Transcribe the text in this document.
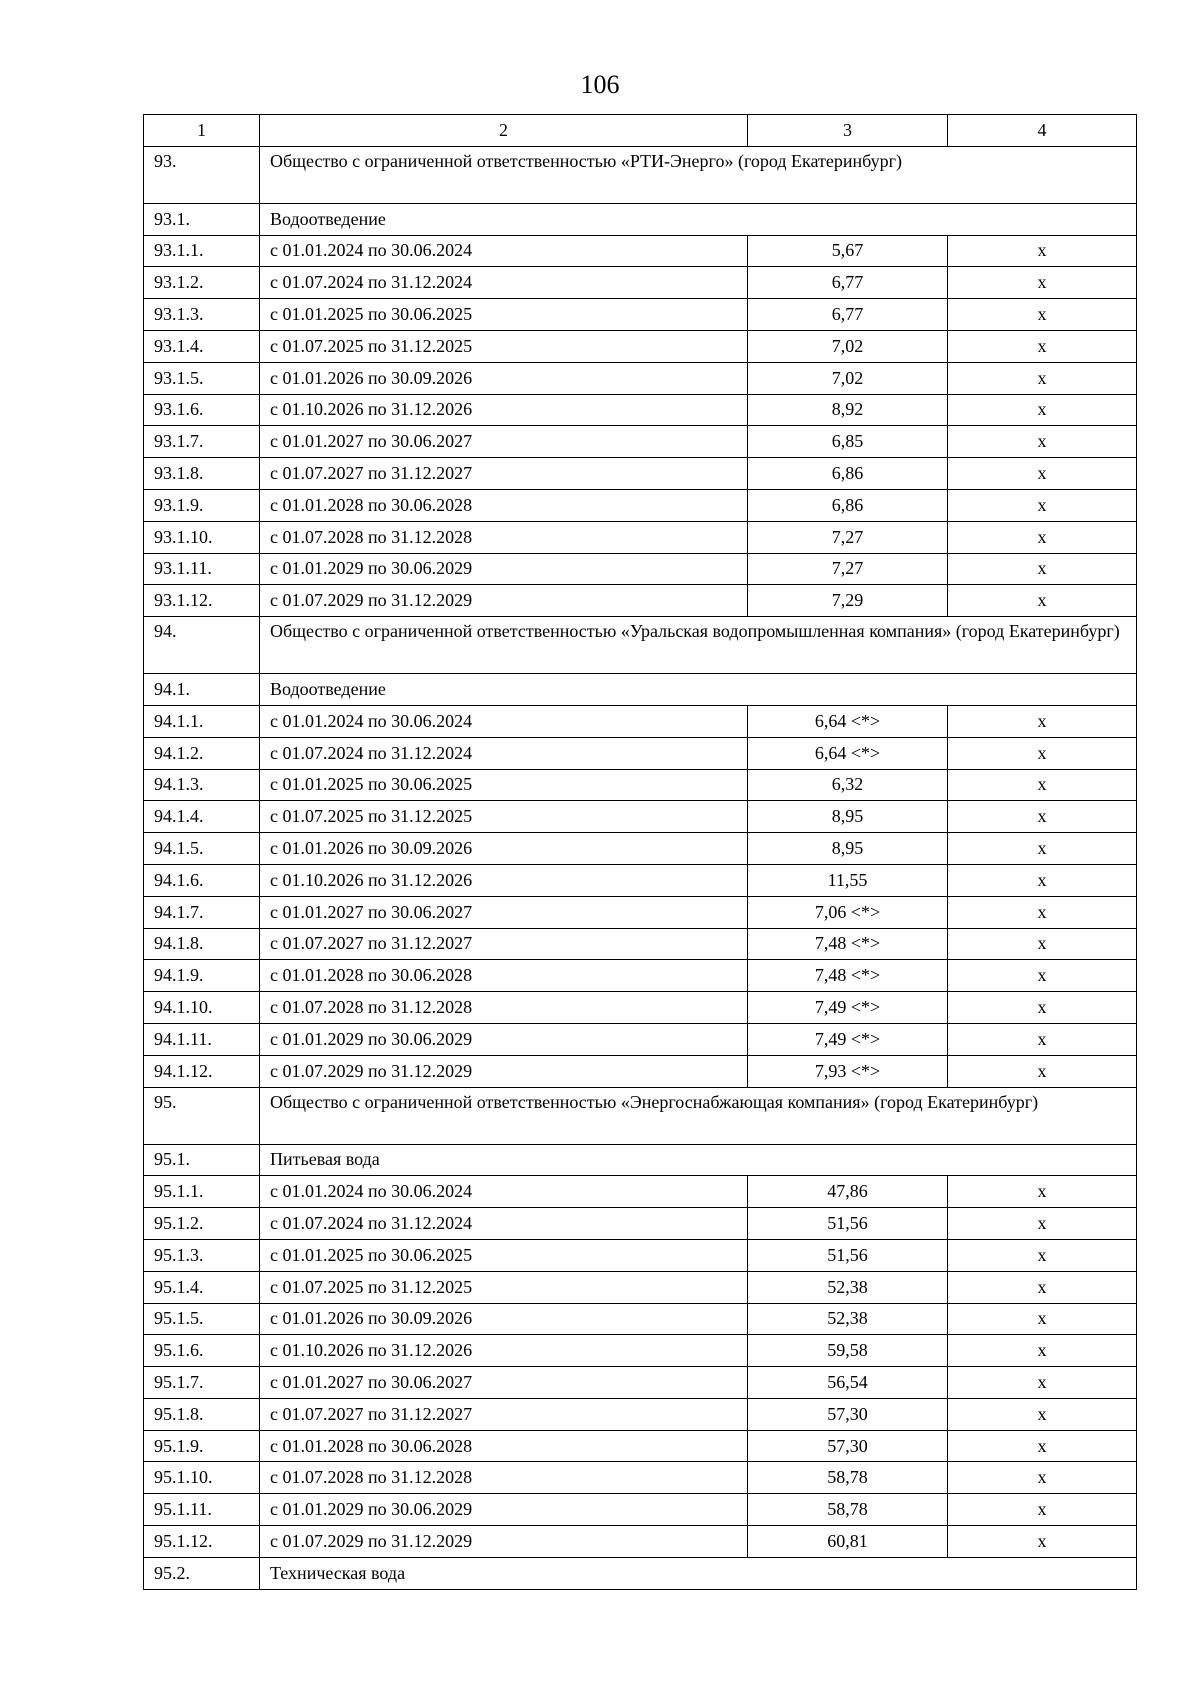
106
1	2	3	4
93.	Общество с ограниченной ответственностью «РТИ-Энерго» (город Екатеринбург)		
93.1.	Водоотведение		
93.1.1.	с 01.01.2024 по 30.06.2024	5,67	x
93.1.2.	с 01.07.2024 по 31.12.2024	6,77	x
93.1.3.	с 01.01.2025 по 30.06.2025	6,77	x
93.1.4.	с 01.07.2025 по 31.12.2025	7,02	x
93.1.5.	с 01.01.2026 по 30.09.2026	7,02	x
93.1.6.	с 01.10.2026 по 31.12.2026	8,92	x
93.1.7.	с 01.01.2027 по 30.06.2027	6,85	x
93.1.8.	с 01.07.2027 по 31.12.2027	6,86	x
93.1.9.	с 01.01.2028 по 30.06.2028	6,86	x
93.1.10.	с 01.07.2028 по 31.12.2028	7,27	x
93.1.11.	с 01.01.2029 по 30.06.2029	7,27	x
93.1.12.	с 01.07.2029 по 31.12.2029	7,29	x
94.	Общество с ограниченной ответственностью «Уральская водопромышленная компания» (город Екатеринбург)		
94.1.	Водоотведение		
94.1.1.	с 01.01.2024 по 30.06.2024	6,64 <*>	x
94.1.2.	с 01.07.2024 по 31.12.2024	6,64 <*>	x
94.1.3.	с 01.01.2025 по 30.06.2025	6,32	x
94.1.4.	с 01.07.2025 по 31.12.2025	8,95	x
94.1.5.	с 01.01.2026 по 30.09.2026	8,95	x
94.1.6.	с 01.10.2026 по 31.12.2026	11,55	x
94.1.7.	с 01.01.2027 по 30.06.2027	7,06 <*>	x
94.1.8.	с 01.07.2027 по 31.12.2027	7,48 <*>	x
94.1.9.	с 01.01.2028 по 30.06.2028	7,48 <*>	x
94.1.10.	с 01.07.2028 по 31.12.2028	7,49 <*>	x
94.1.11.	с 01.01.2029 по 30.06.2029	7,49 <*>	x
94.1.12.	с 01.07.2029 по 31.12.2029	7,93 <*>	x
95.	Общество с ограниченной ответственностью «Энергоснабжающая компания» (город Екатеринбург)		
95.1.	Питьевая вода		
95.1.1.	с 01.01.2024 по 30.06.2024	47,86	x
95.1.2.	с 01.07.2024 по 31.12.2024	51,56	x
95.1.3.	с 01.01.2025 по 30.06.2025	51,56	x
95.1.4.	с 01.07.2025 по 31.12.2025	52,38	x
95.1.5.	с 01.01.2026 по 30.09.2026	52,38	x
95.1.6.	с 01.10.2026 по 31.12.2026	59,58	x
95.1.7.	с 01.01.2027 по 30.06.2027	56,54	x
95.1.8.	с 01.07.2027 по 31.12.2027	57,30	x
95.1.9.	с 01.01.2028 по 30.06.2028	57,30	x
95.1.10.	с 01.07.2028 по 31.12.2028	58,78	x
95.1.11.	с 01.01.2029 по 30.06.2029	58,78	x
95.1.12.	с 01.07.2029 по 31.12.2029	60,81	x
95.2.	Техническая вода		
